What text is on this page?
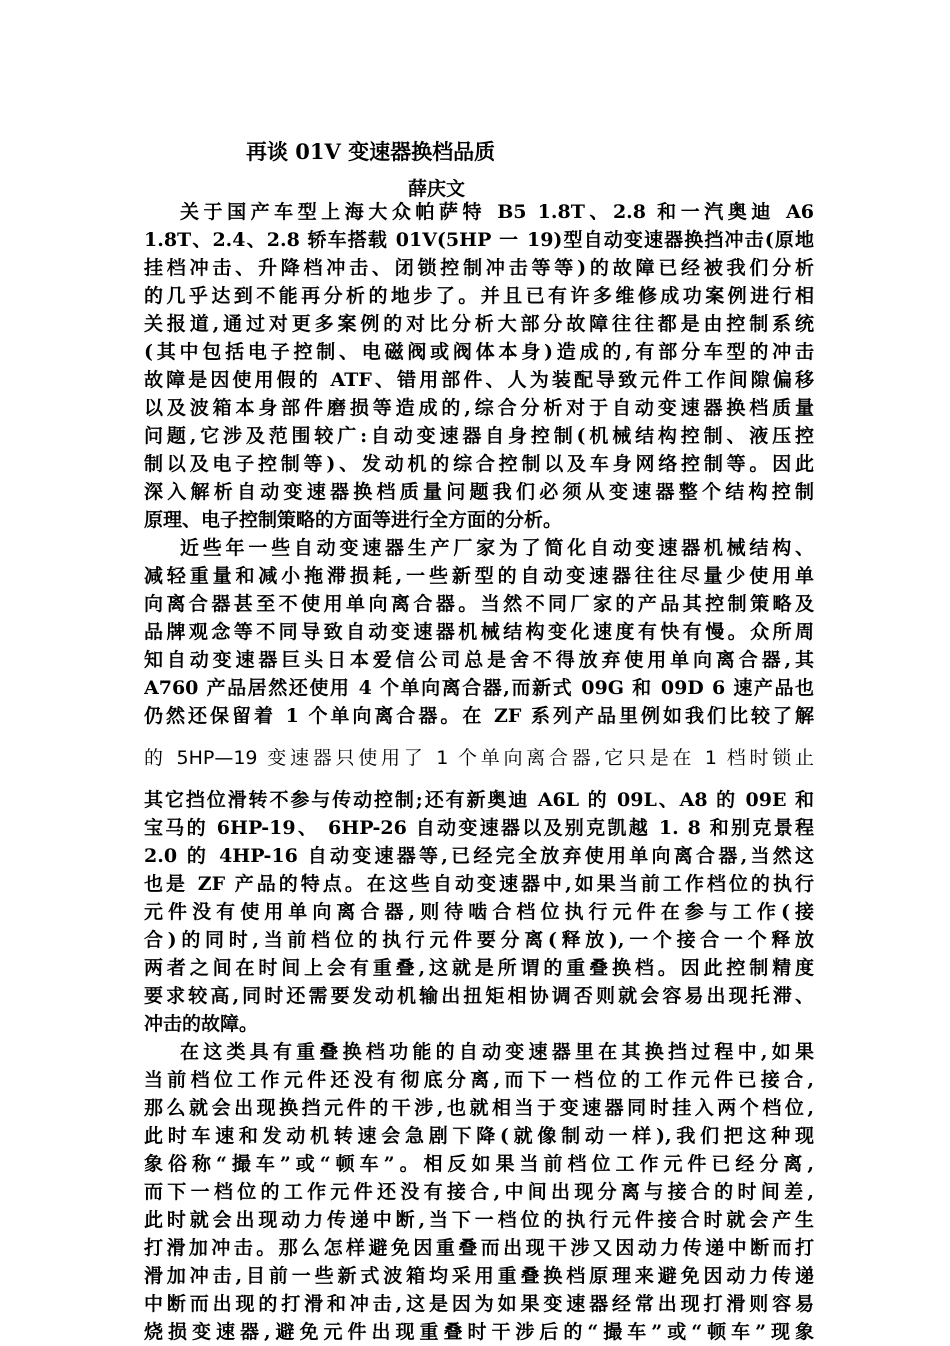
再谈 01V 变速器换档品质
薛庆文
关于国产车型上海大众帕萨特 B5 1.8T、2.8 和一汽奥迪 A6
1.8T、2.4、2.8 轿车搭载 01V(5HP 一 19)型自动变速器换挡冲击(原地
挂档冲击、升降档冲击、闭锁控制冲击等等)的故障已经被我们分析
的几乎达到不能再分析的地步了。并且已有许多维修成功案例进行相
关报道,通过对更多案例的对比分析大部分故障往往都是由控制系统
(其中包括电子控制、电磁阀或阀体本身)造成的,有部分车型的冲击
故障是因使用假的 ATF、错用部件、人为装配导致元件工作间隙偏移
以及波箱本身部件磨损等造成的,综合分析对于自动变速器换档质量
问题,它涉及范围较广:自动变速器自身控制(机械结构控制、液压控
制以及电子控制等)、发动机的综合控制以及车身网络控制等。因此
深入解析自动变速器换档质量问题我们必须从变速器整个结构控制
原理、电子控制策略的方面等进行全方面的分析。
近些年一些自动变速器生产厂家为了简化自动变速器机械结构、
减轻重量和减小拖滞损耗,一些新型的自动变速器往往尽量少使用单
向离合器甚至不使用单向离合器。当然不同厂家的产品其控制策略及
品牌观念等不同导致自动变速器机械结构变化速度有快有慢。众所周
知自动变速器巨头日本爱信公司总是舍不得放弃使用单向离合器,其
A760 产品居然还使用 4 个单向离合器,而新式 09G 和 09D 6 速产品也
仍然还保留着 1 个单向离合器。在 ZF 系列产品里例如我们比较了解
的 5HP—19 变速器只使用了 1 个单向离合器,它只是在 1 档时锁止
其它挡位滑转不参与传动控制;还有新奥迪 A6L 的 09L、A8 的 09E 和
宝马的 6HP-19、 6HP-26 自动变速器以及别克凯越 1. 8 和别克景程
2.0 的 4HP-16 自动变速器等,已经完全放弃使用单向离合器,当然这
也是 ZF 产品的特点。在这些自动变速器中,如果当前工作档位的执行
元件没有使用单向离合器,则待啮合档位执行元件在参与工作(接
合)的同时,当前档位的执行元件要分离(释放),一个接合一个释放
两者之间在时间上会有重叠,这就是所谓的重叠换档。因此控制精度
要求较高,同时还需要发动机输出扭矩相协调否则就会容易出现托滞、
冲击的故障。
在这类具有重叠换档功能的自动变速器里在其换挡过程中,如果
当前档位工作元件还没有彻底分离,而下一档位的工作元件已接合,
那么就会出现换挡元件的干涉,也就相当于变速器同时挂入两个档位,
此时车速和发动机转速会急剧下降(就像制动一样),我们把这种现
象俗称“撮车”或“顿车”。相反如果当前档位工作元件已经分离,
而下一档位的工作元件还没有接合,中间出现分离与接合的时间差,
此时就会出现动力传递中断,当下一档位的执行元件接合时就会产生
打滑加冲击。那么怎样避免因重叠而出现干涉又因动力传递中断而打
滑加冲击,目前一些新式波箱均采用重叠换档原理来避免因动力传递
中断而出现的打滑和冲击,这是因为如果变速器经常出现打滑则容易
烧损变速器,避免元件出现重叠时干涉后的“撮车”或“顿车”现象
